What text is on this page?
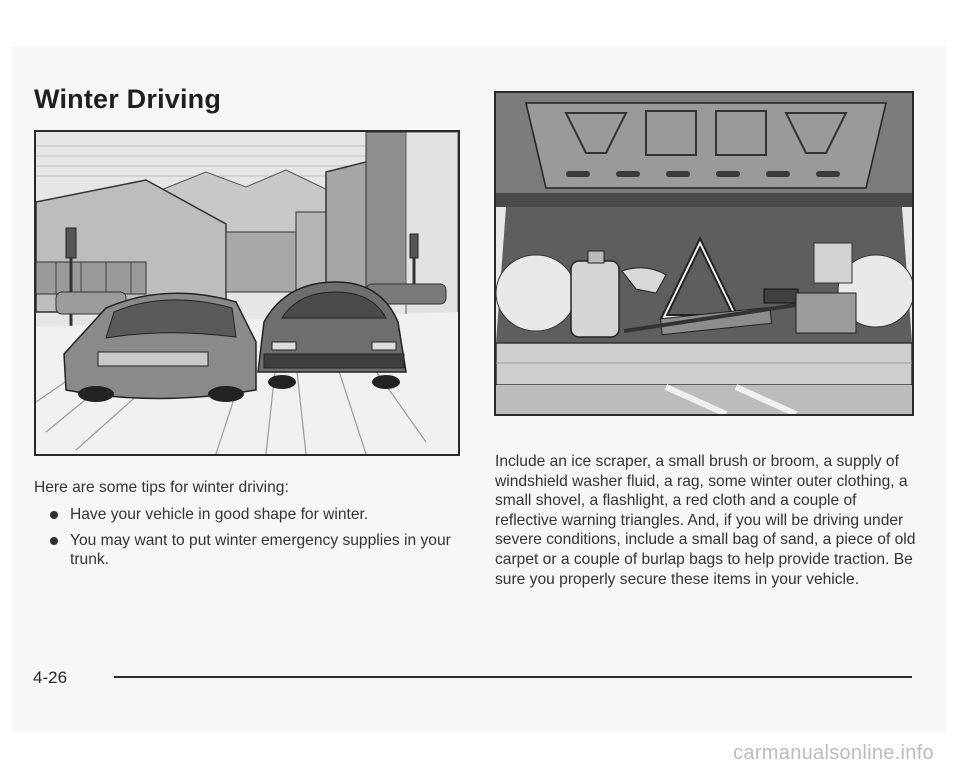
Winter Driving

Here are some tips for winter driving:

Have your vehicle in good shape for winter.
You may want to put winter emergency supplies in your trunk.

Include an ice scraper, a small brush or broom, a supply of windshield washer fluid, a rag, some winter outer clothing, a small shovel, a flashlight, a red cloth and a couple of reflective warning triangles. And, if you will be driving under severe conditions, include a small bag of sand, a piece of old carpet or a couple of burlap bags to help provide traction. Be sure you properly secure these items in your vehicle.

4-26
carmanualsonline.info
